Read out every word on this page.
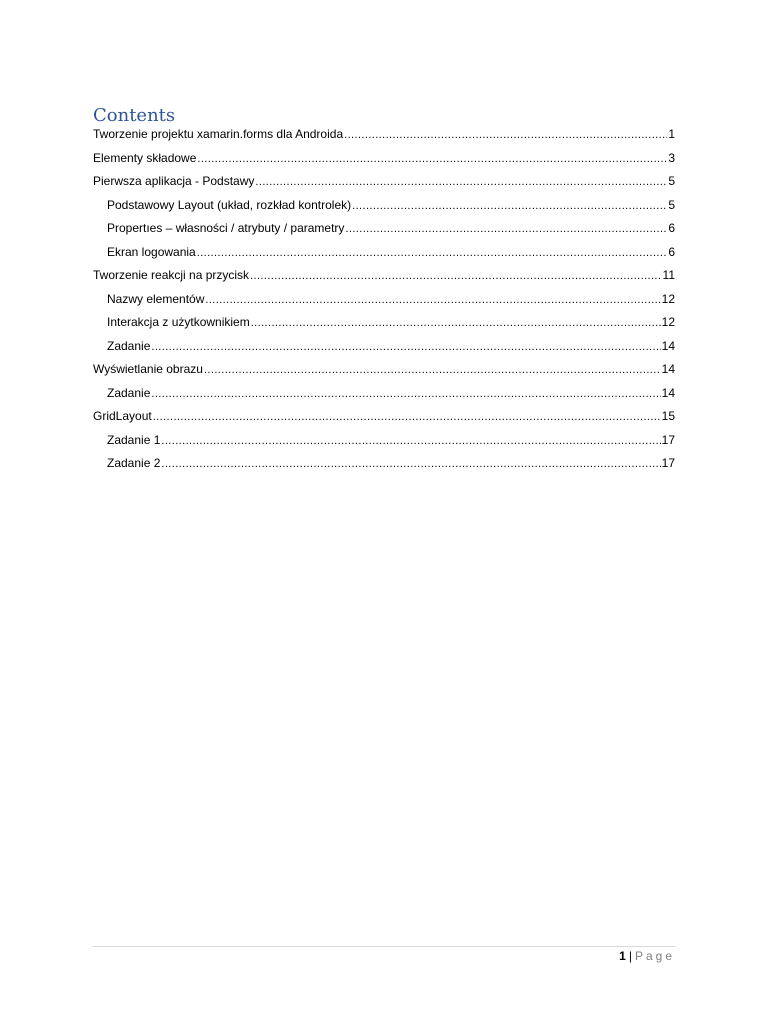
Contents
Tworzenie projektu xamarin.forms dla Androida .....	1
Elementy składowe .....	3
Pierwsza aplikacja - Podstawy .....	5
Podstawowy Layout (układ, rozkład kontrolek) .....	5
Propertıes – własności / atrybuty / parametry .....	6
Ekran logowania .....	6
Tworzenie reakcji na przycisk .....	11
Nazwy elementów .....	12
Interakcja z użytkownikiem .....	12
Zadanie .....	14
Wyświetlanie obrazu .....	14
Zadanie .....	14
GridLayout .....	15
Zadanie 1 .....	17
Zadanie 2 .....	17
1 | Page
